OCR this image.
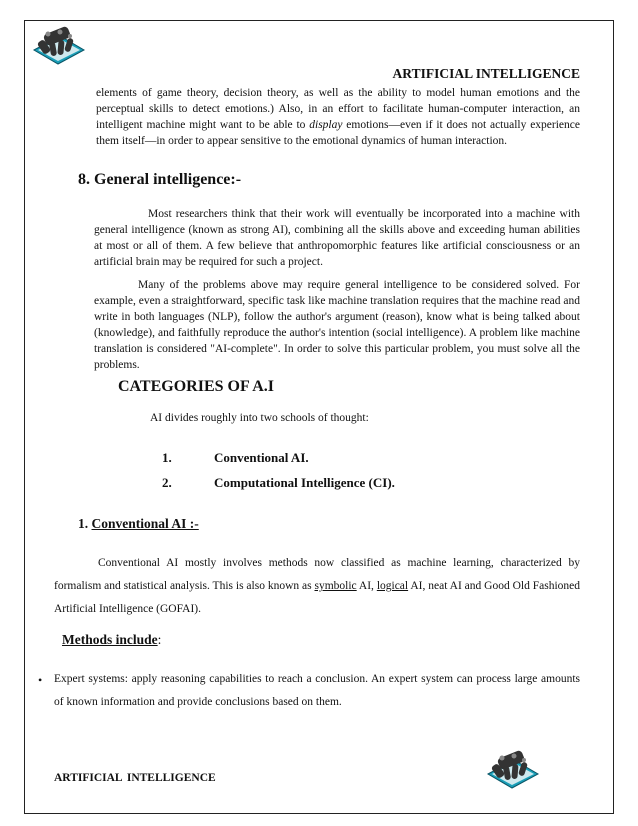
ARTIFICIAL INTELLIGENCE

elements of game theory, decision theory, as well as the ability to model human emotions and the perceptual skills to detect emotions.) Also, in an effort to facilitate human-computer interaction, an intelligent machine might want to be able to display emotions—even if it does not actually experience them itself—in order to appear sensitive to the emotional dynamics of human interaction.

8. General intelligence:-

Most researchers think that their work will eventually be incorporated into a machine with general intelligence (known as strong AI), combining all the skills above and exceeding human abilities at most or all of them. A few believe that anthropomorphic features like artificial consciousness or an artificial brain may be required for such a project.

Many of the problems above may require general intelligence to be considered solved. For example, even a straightforward, specific task like machine translation requires that the machine read and write in both languages (NLP), follow the author's argument (reason), know what is being talked about (knowledge), and faithfully reproduce the author's intention (social intelligence). A problem like machine translation is considered "AI-complete". In order to solve this particular problem, you must solve all the problems.

CATEGORIES OF A.I
AI divides roughly into two schools of thought:
1.	Conventional AI.
2.	Computational Intelligence (CI).
1. Conventional AI :-

Conventional AI mostly involves methods now classified as machine learning, characterized by formalism and statistical analysis. This is also known as symbolic AI, logical AI, neat AI and Good Old Fashioned Artificial Intelligence (GOFAI).

Methods include:
• Expert systems: apply reasoning capabilities to reach a conclusion. An expert system can process large amounts of known information and provide conclusions based on them.

ARTIFICIAL INTELLIGENCE
